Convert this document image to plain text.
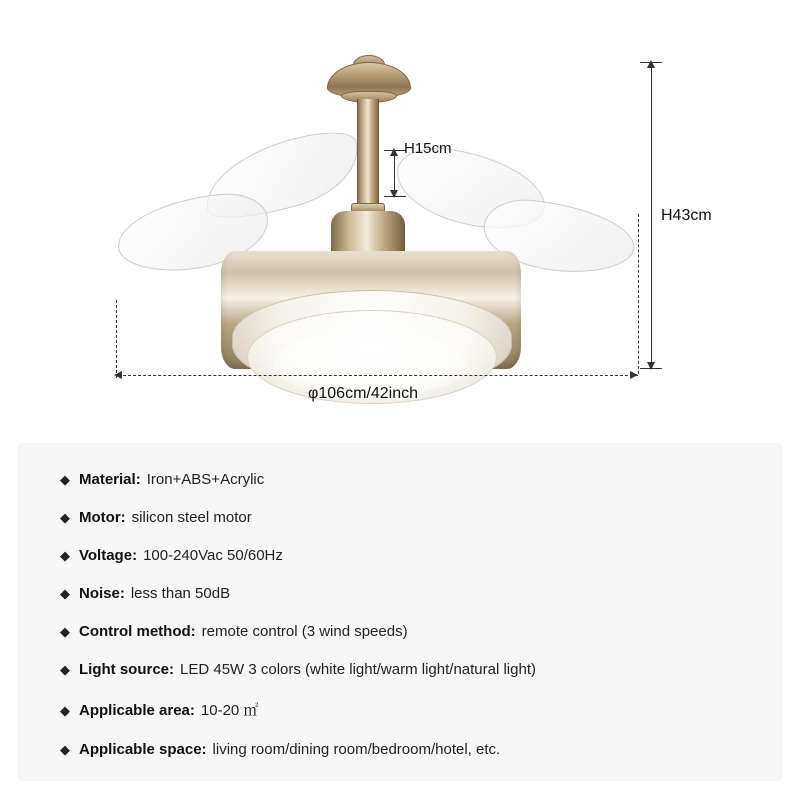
H15cm
H43cm
φ106cm/42inch
◆ Material: Iron+ABS+Acrylic
◆ Motor: silicon steel motor
◆ Voltage: 100-240Vac 50/60Hz
◆ Noise: less than 50dB
◆ Control method: remote control (3 wind speeds)
◆ Light source: LED 45W 3 colors (white light/warm light/natural light)
◆ Applicable area: 10-20 ㎡
◆ Applicable space: living room/dining room/bedroom/hotel, etc.
